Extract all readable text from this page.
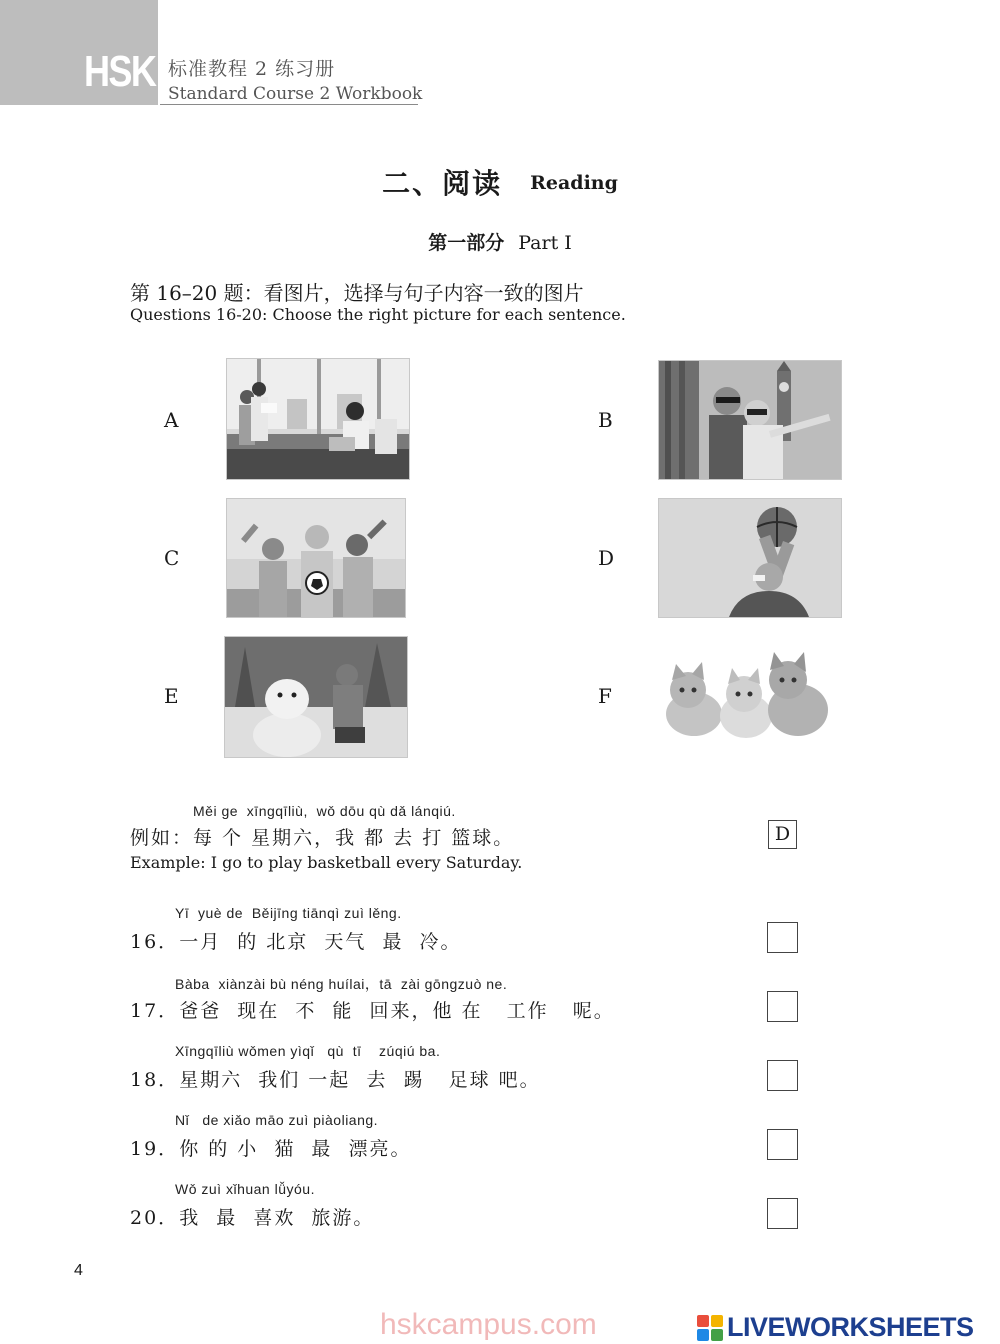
HSK 标准教程 2 练习册
Standard Course 2 Workbook
二、阅读 Reading
第一部分 Part Ⅰ
第 16–20 题：看图片，选择与句子内容一致的图片
Questions 16-20: Choose the right picture for each sentence.
A	B
C	D
E	F
Měi ge  xīngqīliù,  wǒ dōu qù dǎ lánqiú.
例如：每 个 星期六，我 都 去 打 篮球。
Example: I go to play basketball every Saturday.
D
Yī  yuè de  Běijīng tiānqì zuì lěng.
16．一月  的 北京  天气  最  冷。
Bàba  xiànzài bù néng huílai，tā  zài gōngzuò ne.
17．爸爸  现在  不  能  回来，他 在   工作   呢。
Xīngqīliù wǒmen yìqǐ   qù  tī    zúqiú ba.
18．星期六  我们 一起  去  踢   足球 吧。
Nǐ   de xiǎo māo zuì piàoliang.
19．你 的 小  猫  最  漂亮。
Wǒ zuì xǐhuan lǚyóu.
20．我  最  喜欢  旅游。
4
hskcampus.com	LIVEWORKSHEETS
